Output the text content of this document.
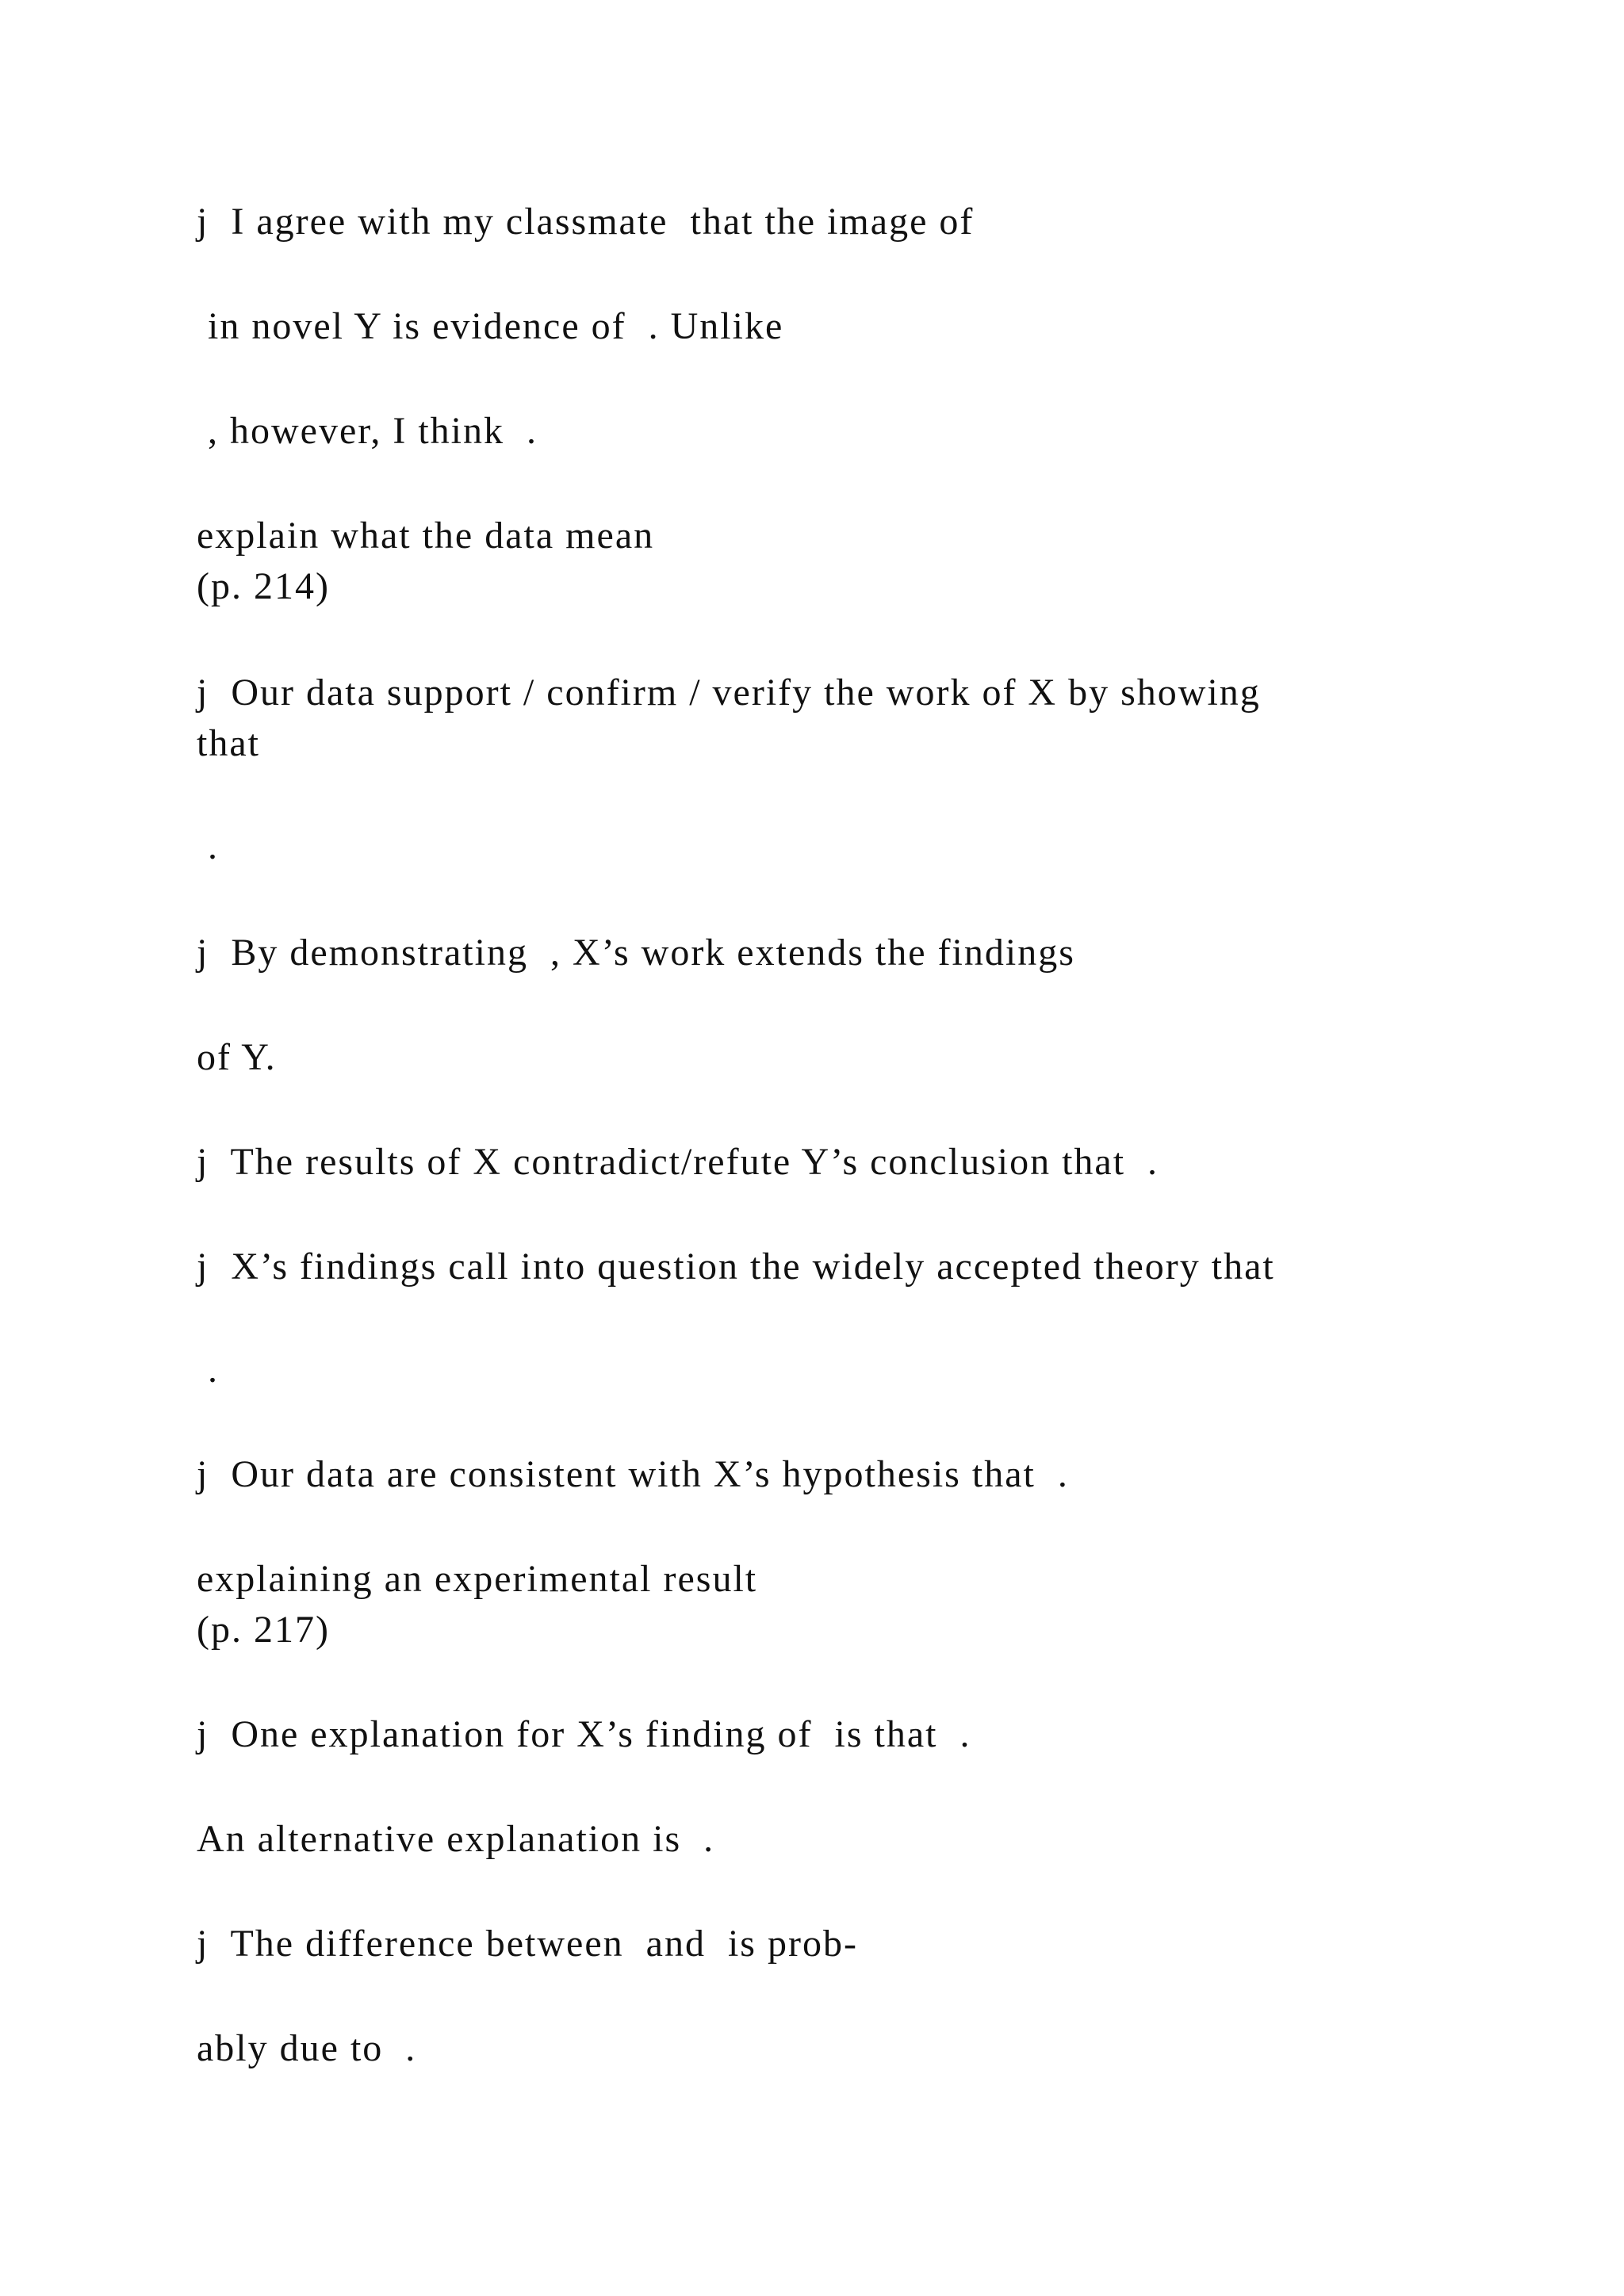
j  I agree with my classmate  that the image of

in novel Y is evidence of  . Unlike

, however, I think  .

explain what the data mean

(p. 214)

j  Our data support / confirm / verify the work of X by showing

that

.

j  By demonstrating  , X’s work extends the findings

of Y.

j  The results of X contradict/refute Y’s conclusion that  .

j  X’s findings call into question the widely accepted theory that

.

j  Our data are consistent with X’s hypothesis that  .

explaining an experimental result

(p. 217)

j  One explanation for X’s finding of  is that  .

An alternative explanation is  .

j  The difference between  and  is prob-

ably due to  .
